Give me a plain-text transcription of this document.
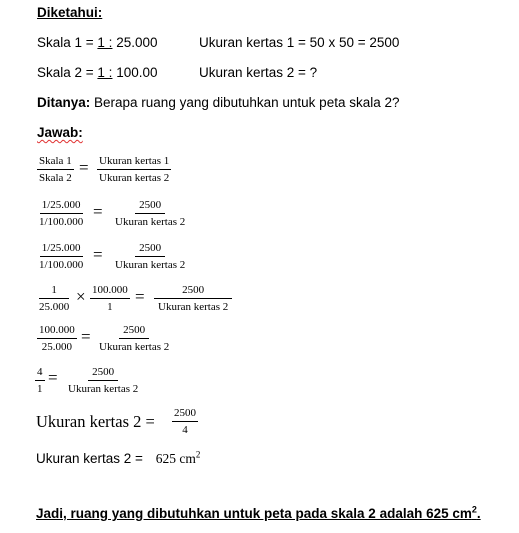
Diketahui:
Skala 1 = 1 : 25.000	Ukuran kertas 1 = 50 x 50 = 2500
Skala 2 = 1 : 100.00	Ukuran kertas 2 = ?
Ditanya: Berapa ruang yang dibutuhkan untuk peta skala 2?
Jawab:
Skala 1
Skala 2
= Ukuran kertas 1
Ukuran kertas 2
$\frac{1/25.000}{1/100.000}$ =	2500
Ukuran kertas 2
$\frac{1/25.000}{1/100.000}$ =	2500
Ukuran kertas 2
$\frac{1}{25.000} \times \frac{100.000}{1}$ =	2500
Ukuran kertas 2
$\frac{100.000}{25.000}$ =	2500
Ukuran kertas 2
$\frac{4}{1}$ =	2500
Ukuran kertas 2
Ukuran kertas $2 = \frac{2500}{4}$
Ukuran kertas 2 = 625 $cm^2$
Jadi, ruang yang dibutuhkan untuk peta pada skala 2 adalah 625 $cm^2$.
